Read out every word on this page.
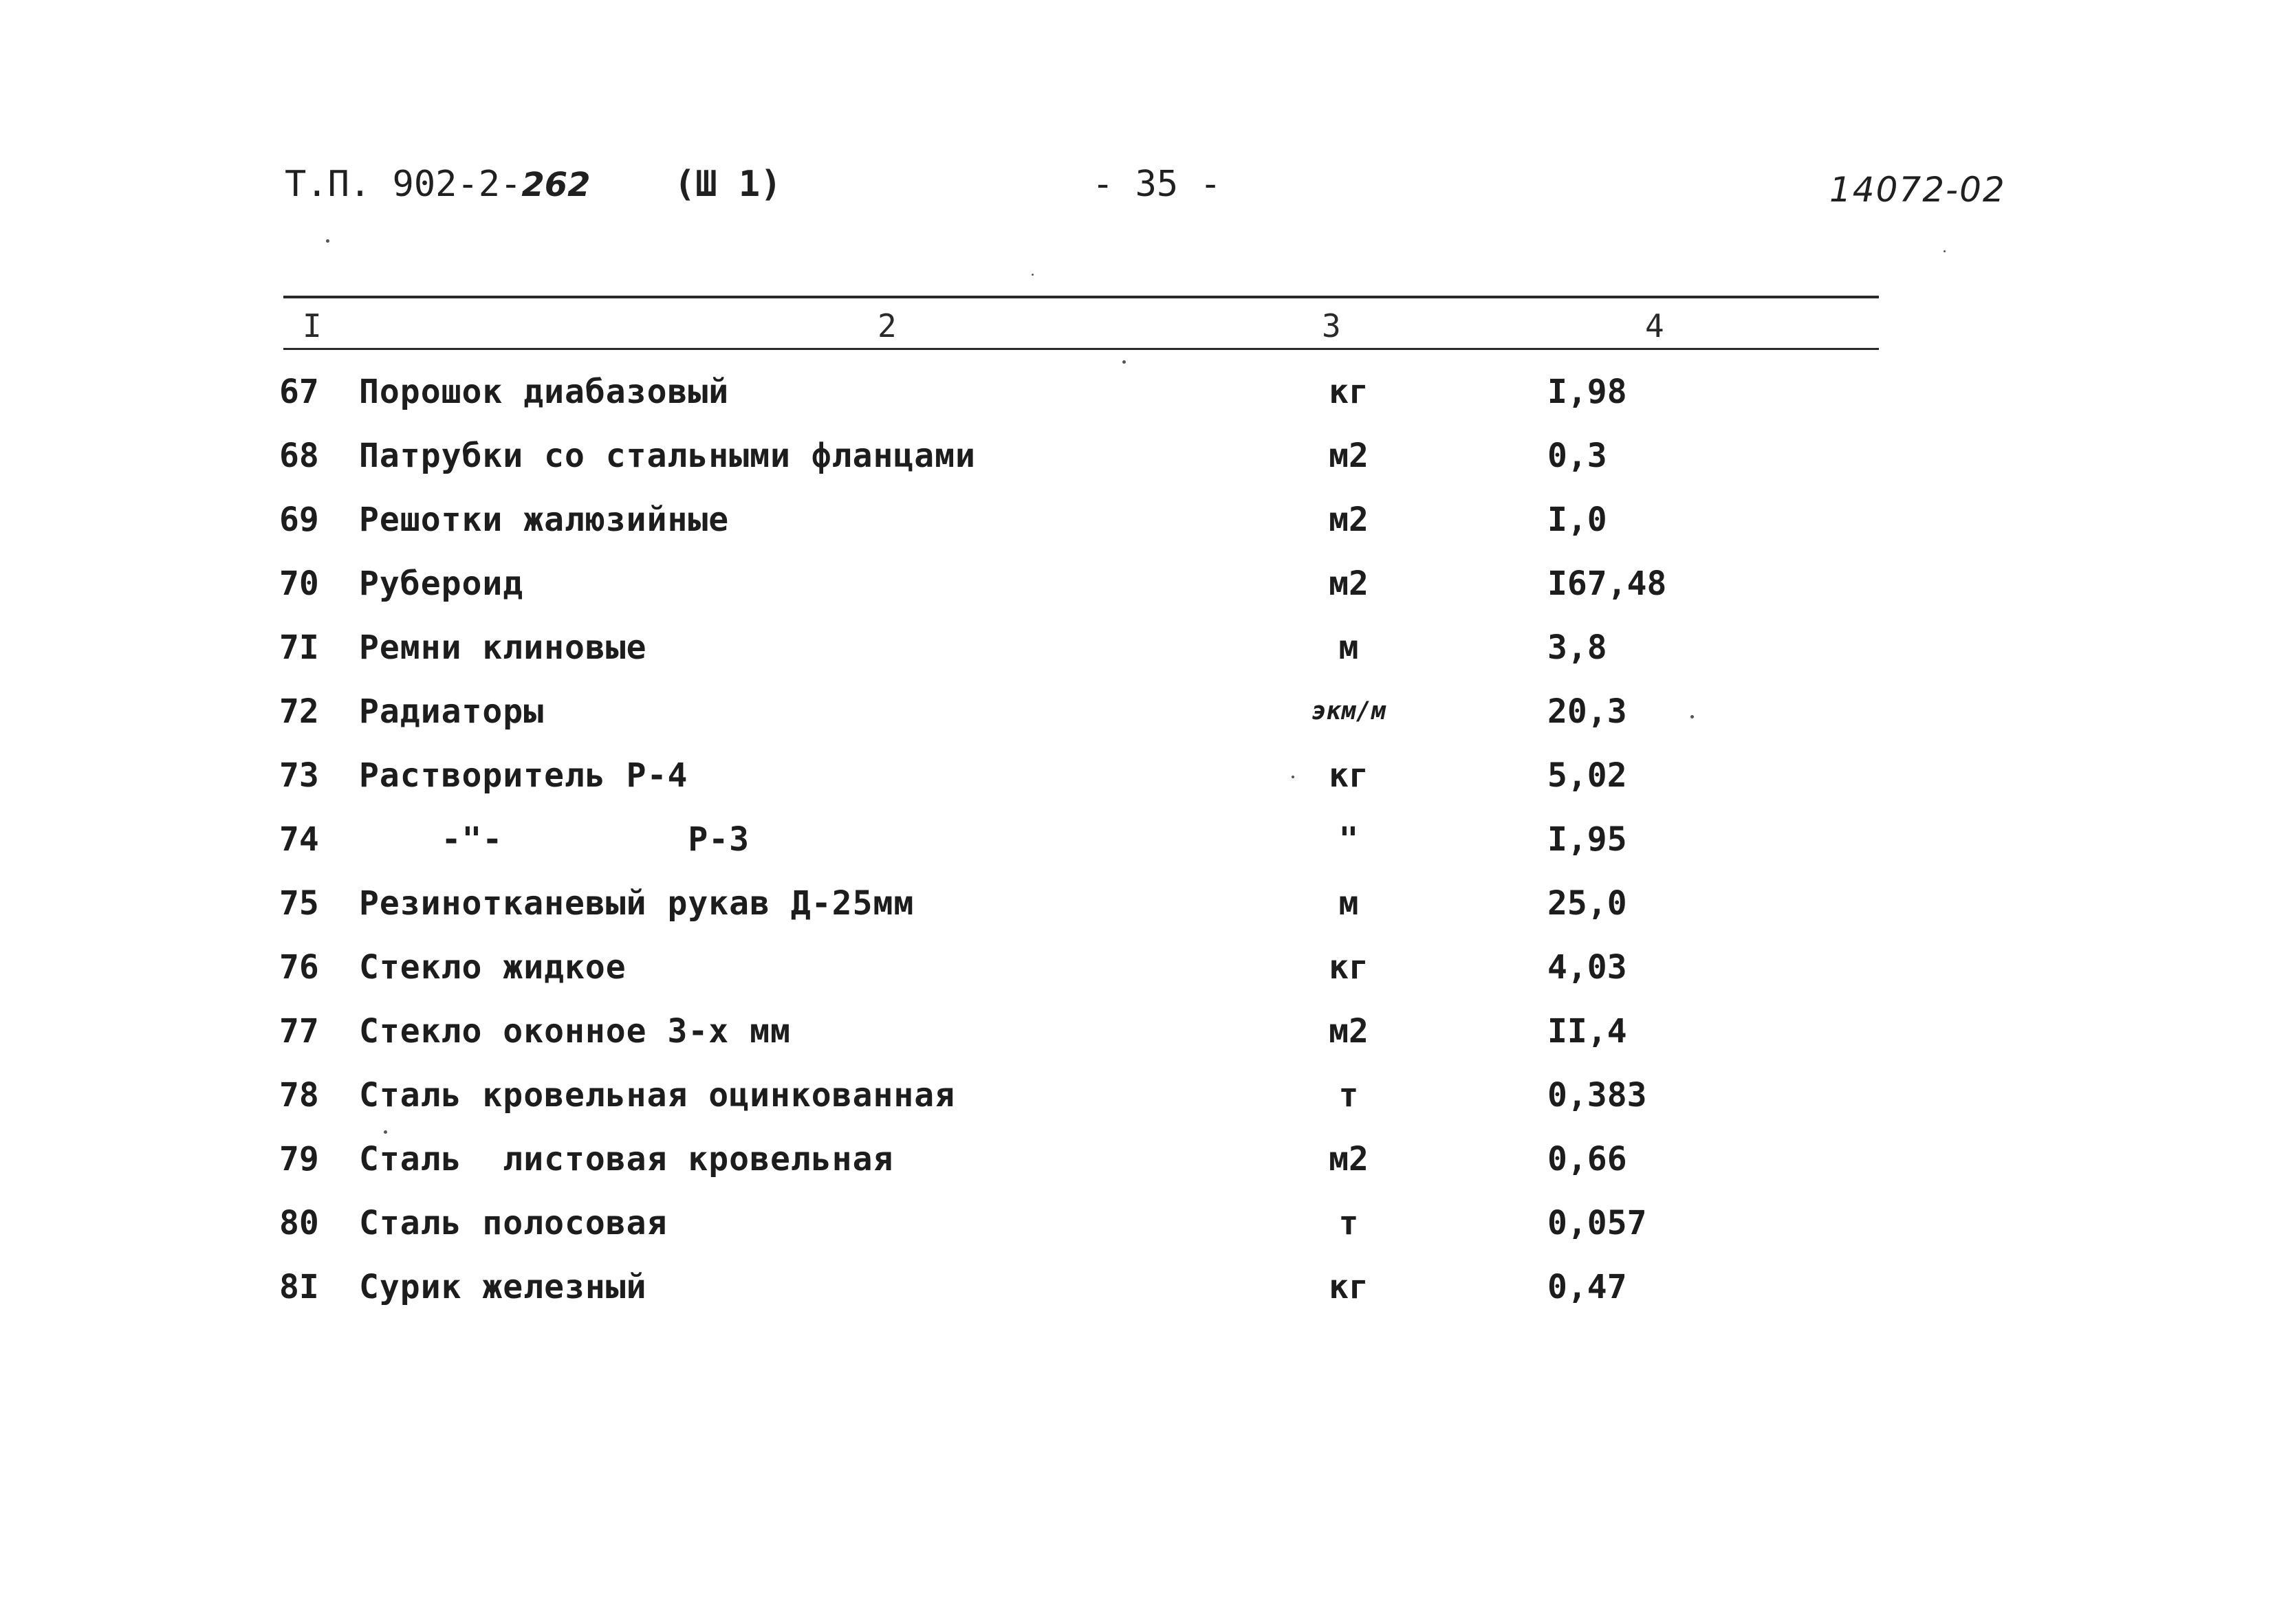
Т.П. 902-2-262 (Ш 1)	- 35 -	14072-02
I	2	3	4
67	Порошок диабазовый	кг	I,98
68	Патрубки со стальными фланцами	м2	0,3
69	Решотки жалюзийные	м2	I,0
70	Рубероид	м2	I67,48
7I	Ремни клиновые	м	3,8
72	Радиаторы	экм/м	20,3
73	Растворитель Р-4	кг	5,02
74	-"-         Р-3	"	I,95
75	Резинотканевый рукав Д-25мм	м	25,0
76	Стекло жидкое	кг	4,03
77	Стекло оконное 3-х мм	м2	II,4
78	Сталь кровельная оцинкованная	т	0,383
79	Сталь  листовая кровельная	м2	0,66
80	Сталь полосовая	т	0,057
8I	Сурик железный	кг	0,47
